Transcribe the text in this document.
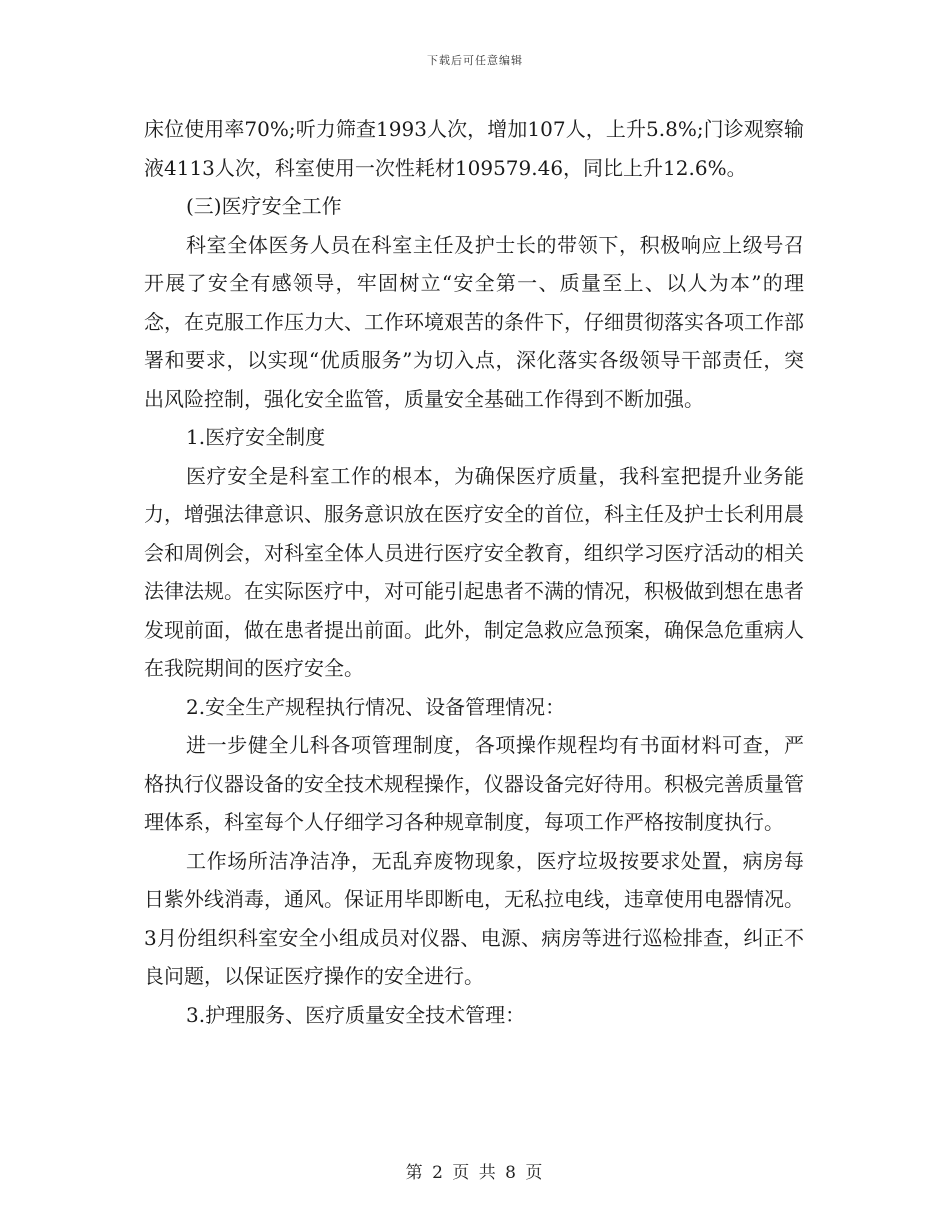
下载后可任意编辑

床位使用率70%;听力筛查1993人次，增加107人，上升5.8%;门诊观察输液4113人次，科室使用一次性耗材109579.46，同比上升12.6%。

(三)医疗安全工作

科室全体医务人员在科室主任及护士长的带领下，积极响应上级号召开展了安全有感领导，牢固树立“安全第一、质量至上、以人为本”的理念，在克服工作压力大、工作环境艰苦的条件下，仔细贯彻落实各项工作部署和要求，以实现“优质服务”为切入点，深化落实各级领导干部责任，突出风险控制，强化安全监管，质量安全基础工作得到不断加强。

1.医疗安全制度

医疗安全是科室工作的根本，为确保医疗质量，我科室把提升业务能力，增强法律意识、服务意识放在医疗安全的首位，科主任及护士长利用晨会和周例会，对科室全体人员进行医疗安全教育，组织学习医疗活动的相关法律法规。在实际医疗中，对可能引起患者不满的情况，积极做到想在患者发现前面，做在患者提出前面。此外，制定急救应急预案，确保急危重病人在我院期间的医疗安全。

2.安全生产规程执行情况、设备管理情况：

进一步健全儿科各项管理制度，各项操作规程均有书面材料可查，严格执行仪器设备的安全技术规程操作，仪器设备完好待用。积极完善质量管理体系，科室每个人仔细学习各种规章制度，每项工作严格按制度执行。

工作场所洁净洁净，无乱弃废物现象，医疗垃圾按要求处置，病房每日紫外线消毒，通风。保证用毕即断电，无私拉电线，违章使用电器情况。3月份组织科室安全小组成员对仪器、电源、病房等进行巡检排查，纠正不良问题，以保证医疗操作的安全进行。

3.护理服务、医疗质量安全技术管理：

第 2 页 共 8 页
